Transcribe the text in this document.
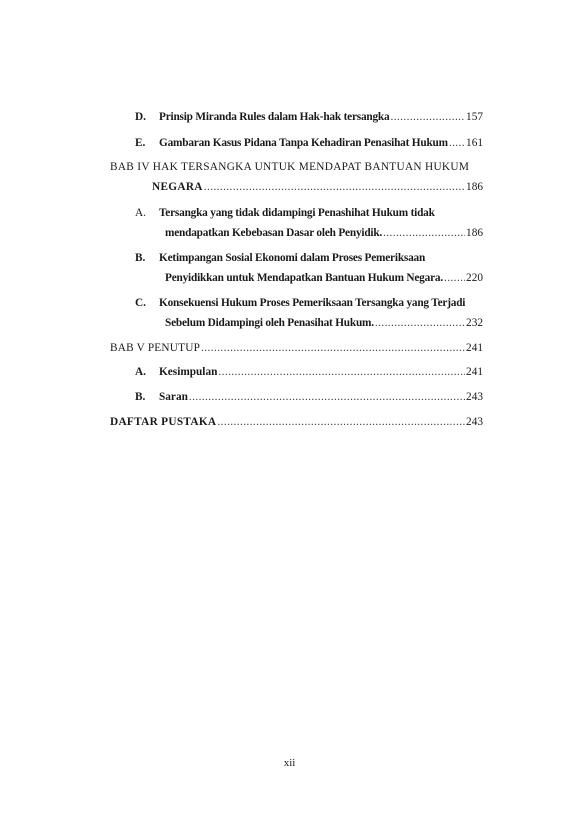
D. Prinsip Miranda Rules dalam Hak-hak tersangka .....	157
E. Gambaran Kasus Pidana Tanpa Kehadiran Penasihat Hukum ..... 161
BAB IV HAK TERSANGKA UNTUK MENDAPAT BANTUAN HUKUM
NEGARA .....	186
A. Tersangka yang tidak didampingi Penashihat Hukum tidak
mendapatkan Kebebasan Dasar oleh Penyidik. .....	186
B. Ketimpangan Sosial Ekonomi dalam Proses Pemeriksaan
Penyidikkan untuk Mendapatkan Bantuan Hukum Negara. ..... 220
C. Konsekuensi Hukum Proses Pemeriksaan Tersangka yang Terjadi
Sebelum Didampingi oleh Penasihat Hukum. .....	232
BAB V PENUTUP .....	241
A. Kesimpulan .....	241
B. Saran .....	243
DAFTAR PUSTAKA .....	243
xii
